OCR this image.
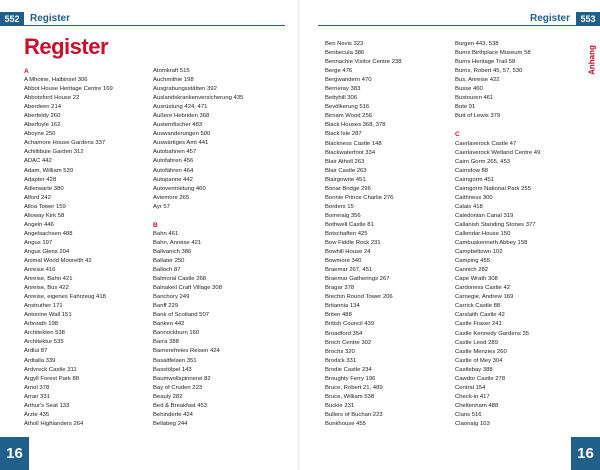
552	Register
Register
A
A Mhoine, Halbinsel 306
Abbot House Heritage Centre 169
Abbotsford House 22
Aberdeen 214
Aberfeldy 260
Aberfoyle 162
Aboyne 250
Achamore House Gardens 337
Achiltibuie Garden 312
ADAC 442
Adam, William 539
Adapter 428
Adlerwarte 380
Alford 242
Alloa Tower 159
Alloway Kirk 58
Angeln 446
Angelsachsen 488
Angus 197
Angus Glens 204
Animal World Moorelth 42
Anreise 416
Anreise, Bahn 421
Anreise, Bus 422
Anreise, eigenes Fahrzeug 418
Anstruther 171
Antonine Wall 151
Arbroath 198
Architekten 538
Architektur 535
Ardlui 87
Ardtalla 339
Ardvreck Castle 311
Argyll Forest Park 88
Arnol 378
Arran 331
Arthur's Seat 133
Ärzte 435
Atholl Highlanders 264
Atomkraft 515
Auchmithie 198
Ausgrabungsstätten 392
Auslandskrankenversicherung 435
Ausrüstung 424, 471
Äußere Hebriden 368
Austernfischer 483
Auswanderungen 500
Auswärtiges Amt 441
Autobahnen 457
Autofahren 456
Autofähren 464
Autopanne 442
Autovermietung 460
Aviemore 265
Ayr 57
B
Bahn 461
Bahn, Anreise 421
Ballvanich 386
Ballater 250
Balloch 87
Balmoral Castle 268
Balnakeil Craft Village 308
Banchory 249
Banff 229
Bank of Scotland 507
Banken 442
Bannockburn 160
Barra 388
Barrierefreies Reisen 424
Basaltfelsen 351
Basstölpel 143
Baumwollspinnerei 82
Bay of Cruden 223
Beauly 282
Bed & Breakfast 453
Behinderte 424
Bellabeg 244
16
553
Register
Anhang
Ben Nevis 323
Benbecula 386
Bennachie Visitor Centre 238
Berge 476
Bergwandern 470
Berneray 383
Bettyhill 306
Bevölkerung 516
Birnam Wood 256
Black Houses 368, 378
Black Isle 287
Blackness Castle 148
Blackwaterfoot 334
Blair Atholl 263
Blair Castle 263
Blairgowrie 451
Bonar Bridge 296
Bonnie Prince Charlie 276
Borders 15
Borreraig 356
Bothwell Castle 81
Botschaften 425
Bow Fiddle Rock 231
Bowhill House 24
Bowmore 340
Braemar 267, 451
Braemar Gatherings 267
Bragar 378
Brechin Round Tower 206
Britannia 134
Briten 488
British Council 439
Broadford 354
Broch Centre 302
Brochs 320
Brodick 331
Brodie Castle 234
Broughty Ferry 196
Bruce, Robert 21, 489
Bruce, William 538
Buckie 231
Bullers of Buchan 223
Bunkhouse 455
Burgen 443, 538
Burns Birthplace Museum 58
Burns Heritage Trail 58
Burns, Robert 45, 57, 530
Bus, Anreise 422
Busse 460
Bustouren 461
Bute 91
Butt of Lewis 379
C
Caerlaverock Castle 47
Caerlaverock Wetland Centre 49
Cairn Gorm 265, 453
Cairndow 88
Cairngorm 451
Cairngorm National Park 255
Caithness 300
Calais 418
Caledonian Canal 319
Callanish Standing Stones 377
Callendar House 150
Cambuskenneth Abbey 158
Campbeltown 102
Camping 455
Cannich 282
Cape Wrath 308
Cardoness Castle 42
Carnegie, Andrew 169
Carrick Castle 88
Carslaith Castle 42
Castle Fraser 241
Castle Kennedy Gardens 35
Castle Leod 289
Castle Menzies 260
Castle of Mey 304
Castlebay 388
Cawdor Castle 278
Central 154
Check-in 417
Cheltenham 488
Clans 516
Claonaig 103
16
